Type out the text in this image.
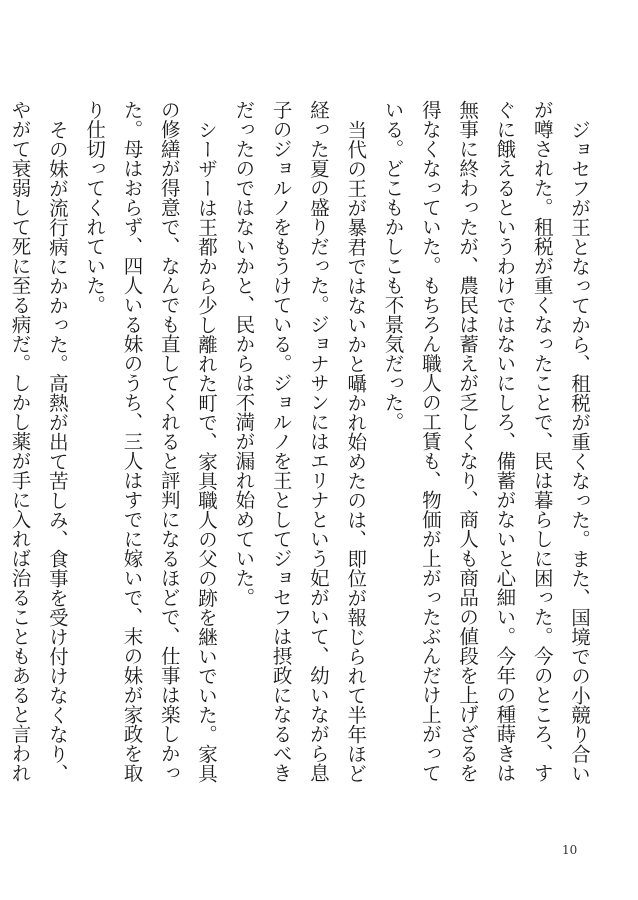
ジョセフが王となってから、租税が重くなった。また、国境での小競り合いが噂された。租税が重くなったことで、民は暮らしに困った。今のところ、すぐに餓えるというわけではないにしろ、備蓄がないと心細い。今年の種蒔きは無事に終わったが、農民は蓄えが乏しくなり、商人も商品の値段を上げざるを得なくなっていた。もちろん職人の工賃も、物価が上がったぶんだけ上がっている。どこもかしこも不景気だった。

当代の王が暴君ではないかと囁かれ始めたのは、即位が報じられて半年ほど経った夏の盛りだった。ジョナサンにはエリナという妃がいて、幼いながら息子のジョルノをもうけている。ジョルノを王としてジョセフは摂政になるべきだったのではないかと、民からは不満が漏れ始めていた。

シーザーは王都から少し離れた町で、家具職人の父の跡を継いでいた。家具の修繕が得意で、なんでも直してくれると評判になるほどで、仕事は楽しかった。母はおらず、四人いる妹のうち、三人はすでに嫁いで、末の妹が家政を取り仕切ってくれていた。

その妹が流行病にかかった。高熱が出て苦しみ、食事を受け付けなくなり、やがて衰弱して死に至る病だ。しかし薬が手に入れば治ることもあると言われ

10
